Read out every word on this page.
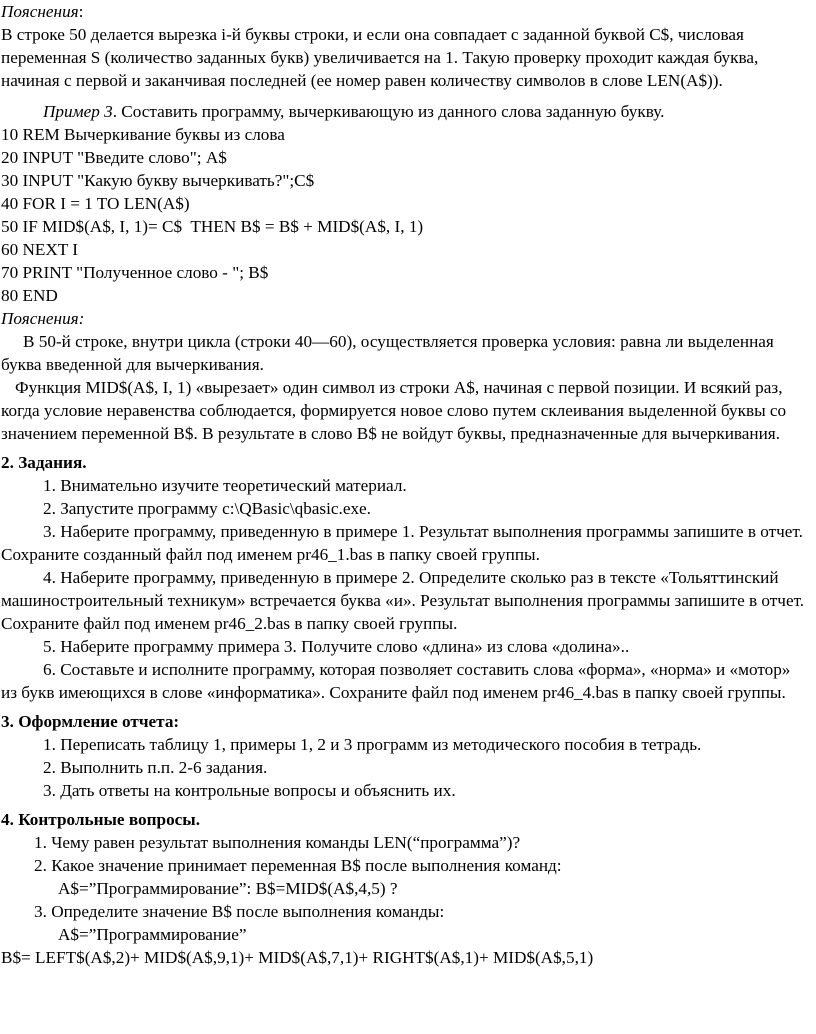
Пояснения:

В строке 50 делается вырезка i-й буквы строки, и если она совпадает с заданной буквой C$, числовая переменная S (количество заданных букв) увеличивается на 1. Такую проверку проходит каждая буква, начиная с первой и заканчивая последней (ее номер равен количеству символов в слове LEN(A$)).

Пример 3. Составить программу, вычеркивающую из данного слова заданную букву.

10 REM Вычеркивание буквы из слова

20 INPUT "Введите слово"; A$

30 INPUT "Какую букву вычеркивать?";C$

40 FOR I = 1 TO LEN(A$)

50 IF MID$(A$, I, 1)= C$  THEN B$ = B$ + MID$(A$, I, 1)

60 NEXT I

70 PRINT "Полученное слово - "; B$

80 END

Пояснения:

В 50-й строке, внутри цикла (строки 40—60), осуществляется проверка условия: равна ли выделенная буква введенной для вычеркивания.

Функция MID$(A$, I, 1) «вырезает» один символ из строки A$, начиная с первой позиции. И всякий раз, когда условие неравенства соблюдается, формируется новое слово путем склеивания выделенной буквы со значением переменной B$. В результате в слово B$ не войдут буквы, предназначенные для вычеркивания.

2. Задания.

1. Внимательно изучите теоретический материал.

2. Запустите программу c:\QBasic\qbasic.exe.

3. Наберите программу, приведенную в примере 1. Результат выполнения программы запишите в отчет. Сохраните созданный файл под именем pr46_1.bas в папку своей группы.

4. Наберите программу, приведенную в примере 2. Определите сколько раз в тексте «Тольяттинский машиностроительный техникум» встречается буква «и». Результат выполнения программы запишите в отчет. Сохраните файл под именем pr46_2.bas в папку своей группы.

5. Наберите программу примера 3. Получите слово «длина» из слова «долина»..

6. Составьте и исполните программу, которая позволяет составить слова «форма», «норма» и «мотор» из букв имеющихся в слове «информатика». Сохраните файл под именем pr46_4.bas в папку своей группы.

3. Оформление отчета:

1. Переписать таблицу 1, примеры 1, 2 и 3 программ из методического пособия в тетрадь.

2. Выполнить п.п. 2-6 задания.

3. Дать ответы на контрольные вопросы и объяснить их.

4. Контрольные вопросы.

1. Чему равен результат выполнения команды LEN(“программа”)?

2. Какое значение принимает переменная B$ после выполнения команд:

A$=”Программирование”: B$=MID$(A$,4,5) ?

3. Определите значение B$ после выполнения команды:

A$=”Программирование”

B$= LEFT$(A$,2)+ MID$(A$,9,1)+ MID$(A$,7,1)+ RIGHT$(A$,1)+ MID$(A$,5,1)
